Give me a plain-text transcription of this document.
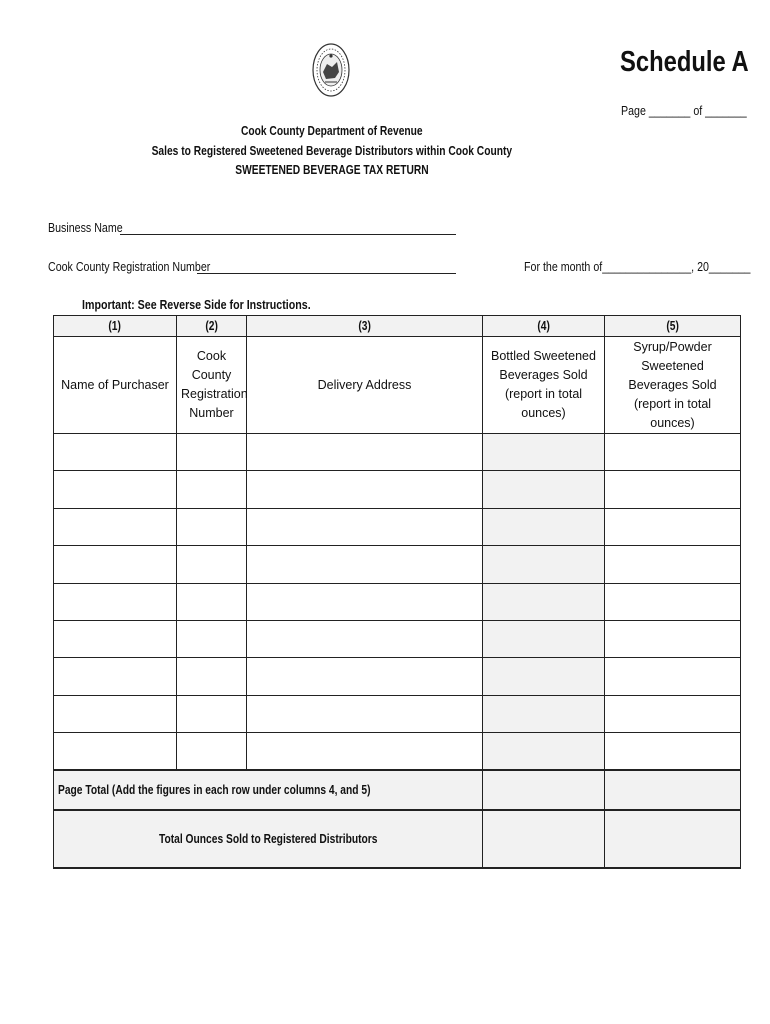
Schedule A
Page _______ of _______
Cook County Department of Revenue
Sales to Registered Sweetened Beverage Distributors within Cook County
SWEETENED BEVERAGE TAX RETURN
Business Name
Cook County Registration Number	For the month of_______________, 20_______
Important: See Reverse Side for Instructions.
(1)	(2)	(3)	(4)	(5)
Name of Purchaser	Cook County Registration Number	Delivery Address	Bottled Sweetened Beverages Sold (report in total ounces)	Syrup/Powder Sweetened Beverages Sold (report in total ounces)

Page Total (Add the figures in each row under columns 4, and 5)				
Total Ounces Sold to Registered Distributors				
